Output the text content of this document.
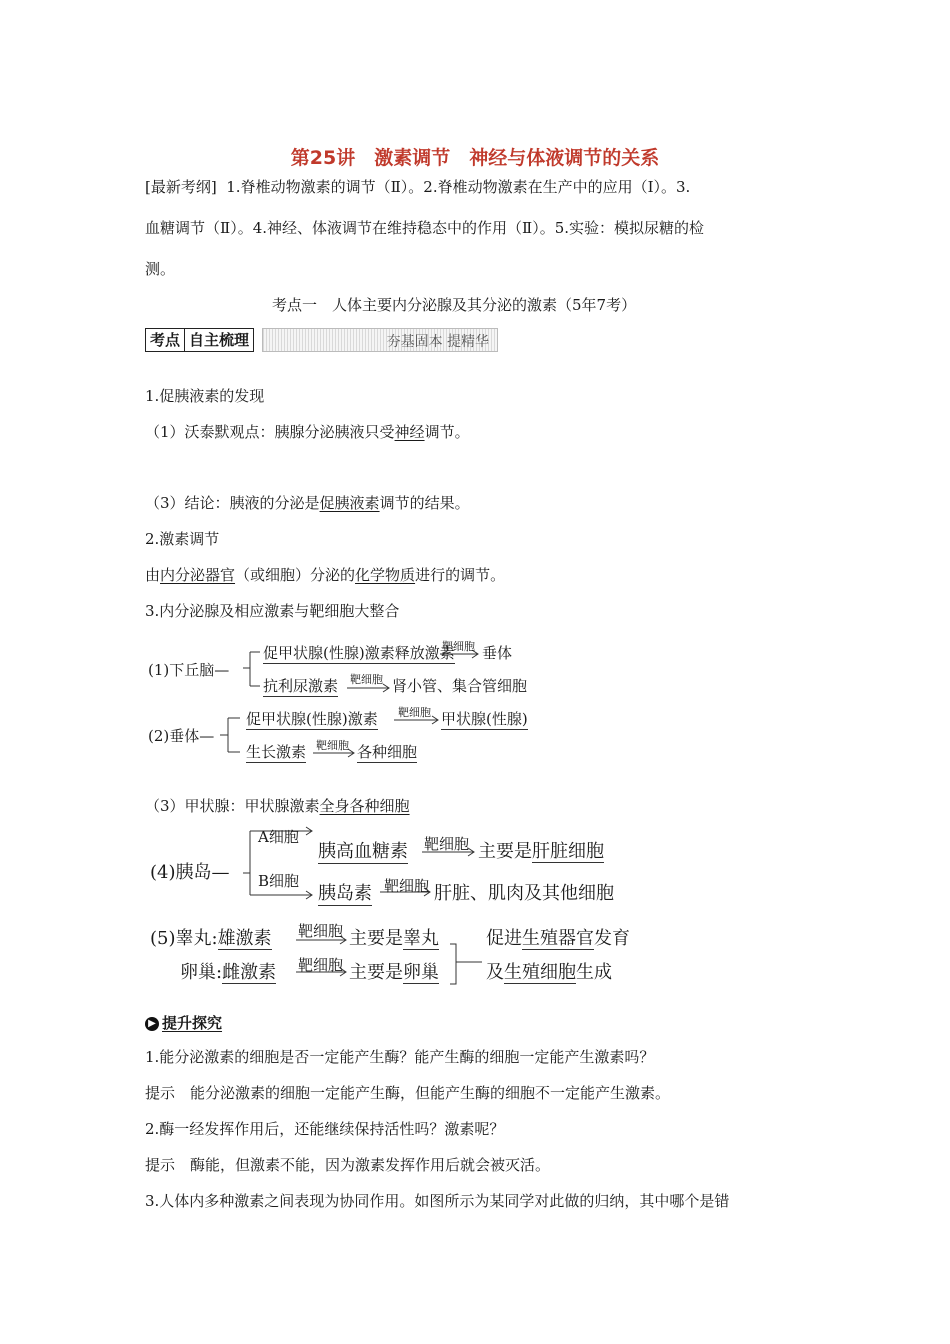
第25讲　激素调节　神经与体液调节的关系
[最新考纲] 1.脊椎动物激素的调节（Ⅱ）。2.脊椎动物激素在生产中的应用（Ⅰ）。3.
血糖调节（Ⅱ）。4.神经、体液调节在维持稳态中的作用（Ⅱ）。5.实验：模拟尿糖的检
测。
考点一　人体主要内分泌腺及其分泌的激素（5年7考）
考点 自主梳理	夯基固本 提精华
1.促胰液素的发现
（1）沃泰默观点：胰腺分泌胰液只受神经调节。
（3）结论：胰液的分泌是促胰液素调节的结果。
2.激素调节
由内分泌器官（或细胞）分泌的化学物质进行的调节。
3.内分泌腺及相应激素与靶细胞大整合
(1)下丘脑—
促甲状腺(性腺)激素释放激素
靶细胞 垂体
抗利尿激素 靶细胞 肾小管、集合管细胞
(2)垂体—
促甲状腺(性腺)激素 靶细胞 甲状腺(性腺)
生长激素 靶细胞 各种细胞
（3）甲状腺：甲状腺激素全身各种细胞
(4)胰岛—
A细胞
胰高血糖素 靶细胞 主要是肝脏细胞
B细胞
胰岛素 靶细胞 肝脏、肌肉及其他细胞
(5)睾丸:雄激素 靶细胞 主要是睾丸
卵巢:雌激素 靶细胞 主要是卵巢
促进生殖器官发育
及生殖细胞生成
▶ 提升探究
1.能分泌激素的细胞是否一定能产生酶？能产生酶的细胞一定能产生激素吗？
提示　能分泌激素的细胞一定能产生酶，但能产生酶的细胞不一定能产生激素。
2.酶一经发挥作用后，还能继续保持活性吗？激素呢？
提示　酶能，但激素不能，因为激素发挥作用后就会被灭活。
3.人体内多种激素之间表现为协同作用。如图所示为某同学对此做的归纳，其中哪个是错
